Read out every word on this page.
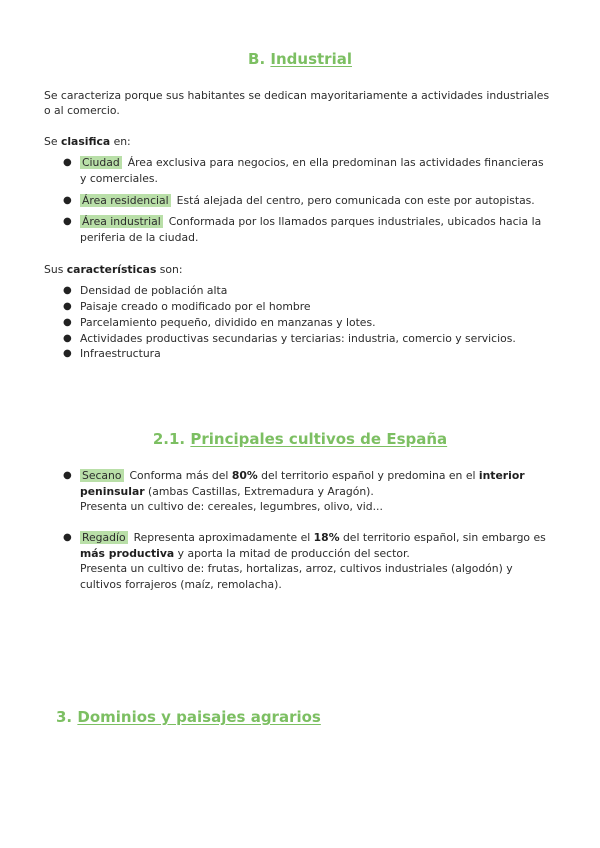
B. Industrial
Se caracteriza porque sus habitantes se dedican mayoritariamente a actividades industriales
o al comercio.
Se clasifica en:
● Ciudad Área exclusiva para negocios, en ella predominan las actividades financieras
y comerciales.
● Área residencial Está alejada del centro, pero comunicada con este por autopistas.
● Área industrial Conformada por los llamados parques industriales, ubicados hacia la
periferia de la ciudad.
Sus características son:
● Densidad de población alta
● Paisaje creado o modificado por el hombre
● Parcelamiento pequeño, dividido en manzanas y lotes.
● Actividades productivas secundarias y terciarias: industria, comercio y servicios.
● Infraestructura
2.1. Principales cultivos de España
● Secano Conforma más del 80% del territorio español y predomina en el interior
peninsular (ambas Castillas, Extremadura y Aragón).
Presenta un cultivo de: cereales, legumbres, olivo, vid...
● Regadío Representa aproximadamente el 18% del territorio español, sin embargo es
más productiva y aporta la mitad de producción del sector.
Presenta un cultivo de: frutas, hortalizas, arroz, cultivos industriales (algodón) y
cultivos forrajeros (maíz, remolacha).
3. Dominios y paisajes agrarios
